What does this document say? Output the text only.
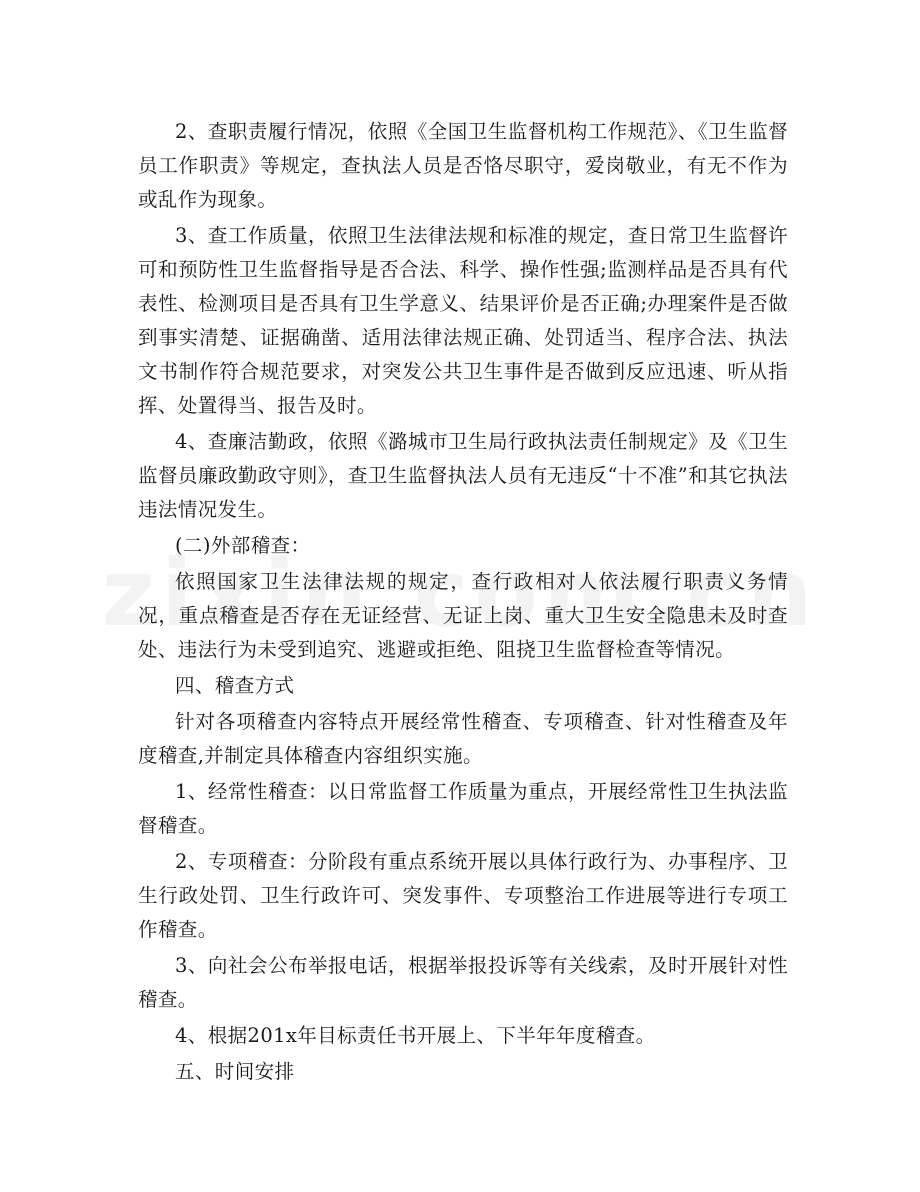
2、查职责履行情况，依照《全国卫生监督机构工作规范》、《卫生监督员工作职责》等规定，查执法人员是否恪尽职守，爱岗敬业，有无不作为或乱作为现象。

3、查工作质量，依照卫生法律法规和标准的规定，查日常卫生监督许可和预防性卫生监督指导是否合法、科学、操作性强;监测样品是否具有代表性、检测项目是否具有卫生学意义、结果评价是否正确;办理案件是否做到事实清楚、证据确凿、适用法律法规正确、处罚适当、程序合法、执法文书制作符合规范要求，对突发公共卫生事件是否做到反应迅速、听从指挥、处置得当、报告及时。

4、查廉洁勤政，依照《潞城市卫生局行政执法责任制规定》及《卫生监督员廉政勤政守则》，查卫生监督执法人员有无违反“十不准”和其它执法违法情况发生。

(二)外部稽查：

依照国家卫生法律法规的规定，查行政相对人依法履行职责义务情况，重点稽查是否存在无证经营、无证上岗、重大卫生安全隐患未及时查处、违法行为未受到追究、逃避或拒绝、阻挠卫生监督检查等情况。

四、稽查方式

针对各项稽查内容特点开展经常性稽查、专项稽查、针对性稽查及年度稽查,并制定具体稽查内容组织实施。

1、经常性稽查：以日常监督工作质量为重点，开展经常性卫生执法监督稽查。

2、专项稽查：分阶段有重点系统开展以具体行政行为、办事程序、卫生行政处罚、卫生行政许可、突发事件、专项整治工作进展等进行专项工作稽查。

3、向社会公布举报电话，根据举报投诉等有关线索，及时开展针对性稽查。

4、根据201x年目标责任书开展上、下半年年度稽查。

五、时间安排
